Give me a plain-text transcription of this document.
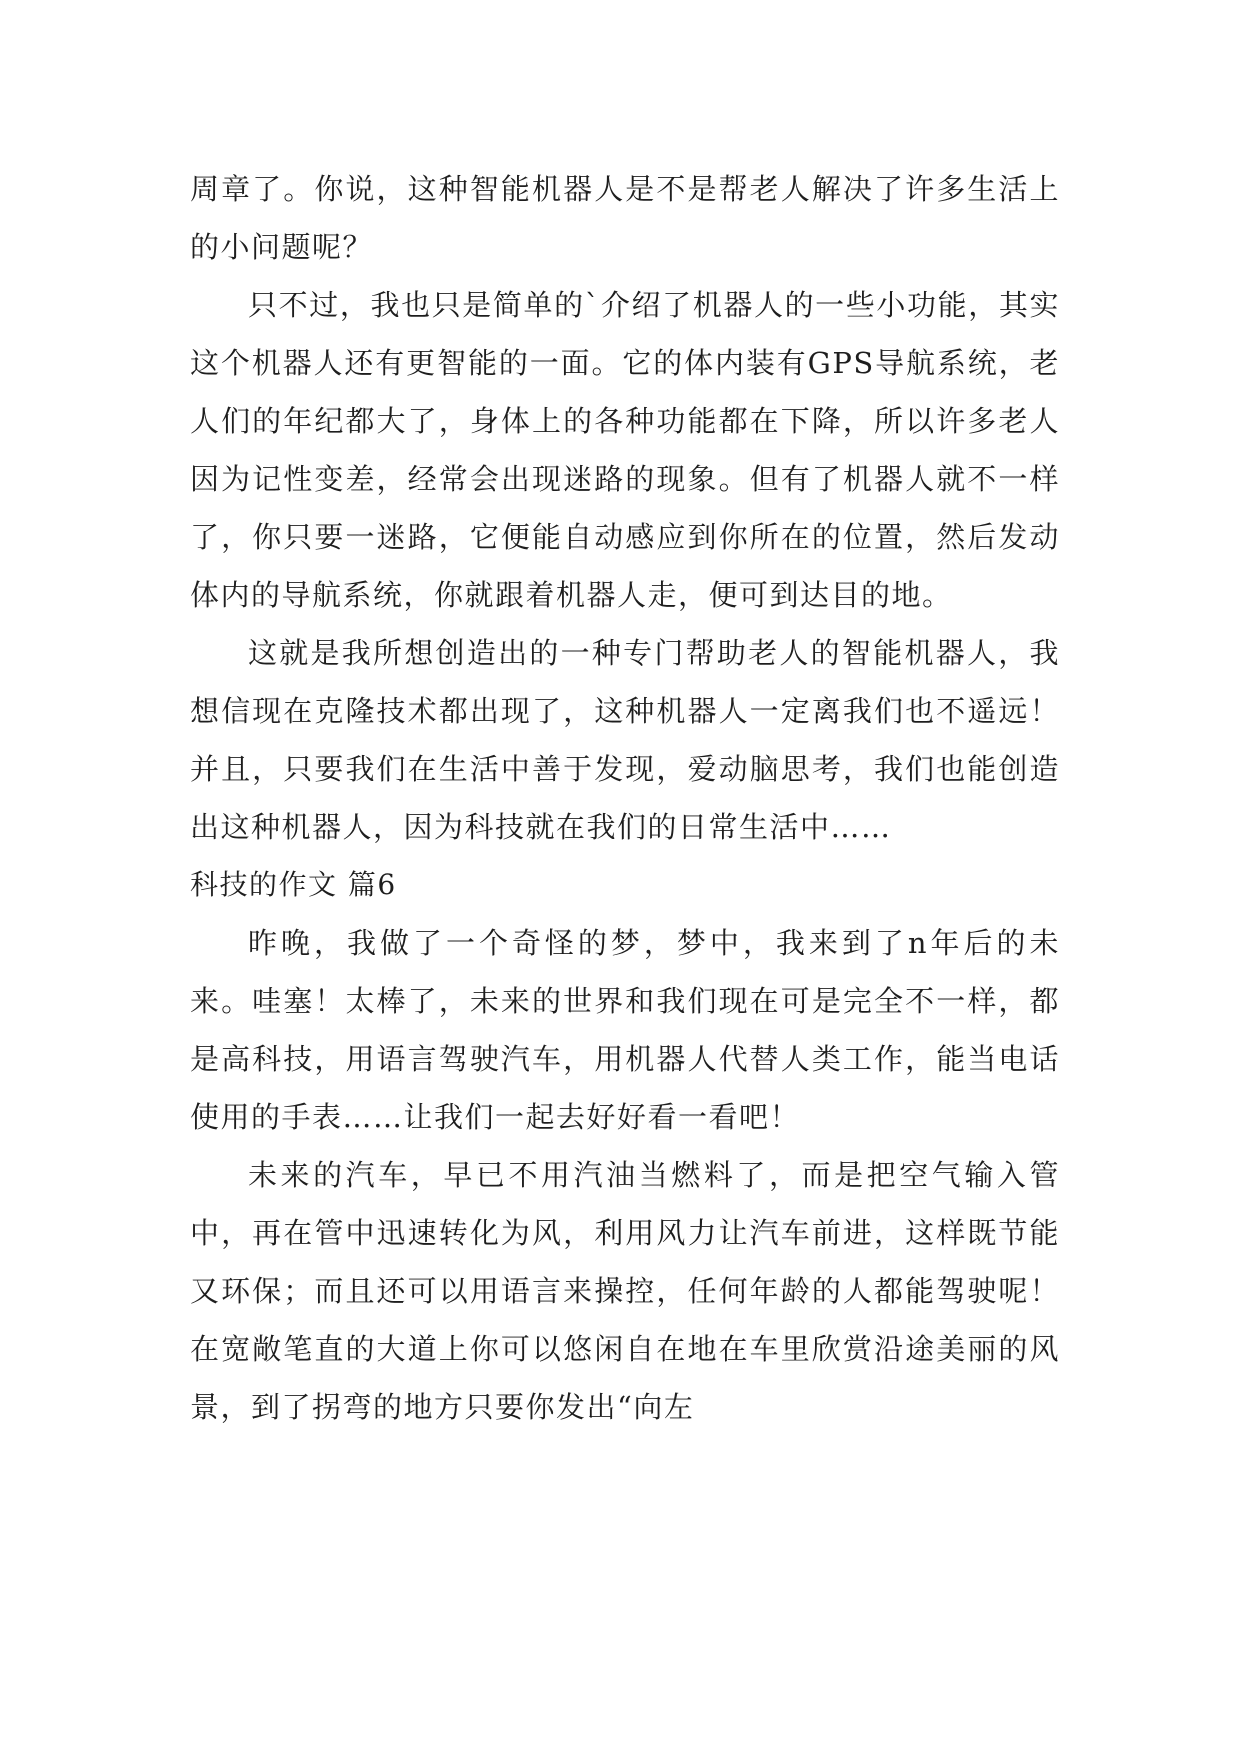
周章了。你说，这种智能机器人是不是帮老人解决了许多生活上的小问题呢？

只不过，我也只是简单的`介绍了机器人的一些小功能，其实这个机器人还有更智能的一面。它的体内装有GPS导航系统，老人们的年纪都大了，身体上的各种功能都在下降，所以许多老人因为记性变差，经常会出现迷路的现象。但有了机器人就不一样了，你只要一迷路，它便能自动感应到你所在的位置，然后发动体内的导航系统，你就跟着机器人走，便可到达目的地。

这就是我所想创造出的一种专门帮助老人的智能机器人，我想信现在克隆技术都出现了，这种机器人一定离我们也不遥远！并且，只要我们在生活中善于发现，爱动脑思考，我们也能创造出这种机器人，因为科技就在我们的日常生活中……

科技的作文 篇6

昨晚，我做了一个奇怪的梦，梦中，我来到了n年后的未来。哇塞！太棒了，未来的世界和我们现在可是完全不一样，都是高科技，用语言驾驶汽车，用机器人代替人类工作，能当电话使用的手表……让我们一起去好好看一看吧！

未来的汽车，早已不用汽油当燃料了，而是把空气输入管中，再在管中迅速转化为风，利用风力让汽车前进，这样既节能又环保；而且还可以用语言来操控，任何年龄的人都能驾驶呢！在宽敞笔直的大道上你可以悠闲自在地在车里欣赏沿途美丽的风景，到了拐弯的地方只要你发出“向左
